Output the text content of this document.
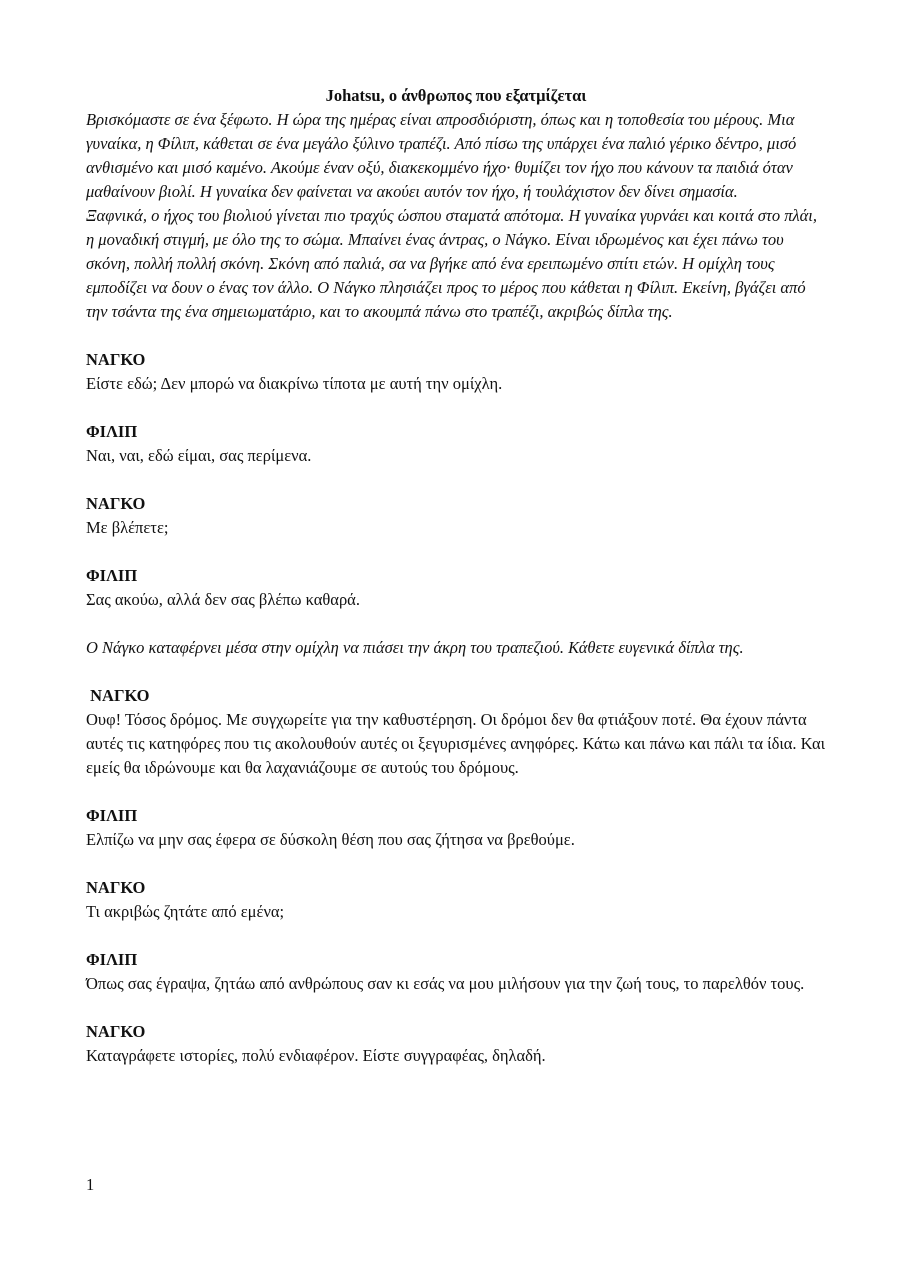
Johatsu, ο άνθρωπος που εξατμίζεται

Βρισκόμαστε σε ένα ξέφωτο. Η ώρα της ημέρας είναι απροσδιόριστη, όπως και η τοποθεσία του μέρους. Μια γυναίκα, η Φίλιπ, κάθεται σε ένα μεγάλο ξύλινο τραπέζι. Από πίσω της υπάρχει ένα παλιό γέρικο δέντρο, μισό ανθισμένο και μισό καμένο. Ακούμε έναν οξύ, διακεκομμένο ήχο· θυμίζει τον ήχο που κάνουν τα παιδιά όταν μαθαίνουν βιολί. Η γυναίκα δεν φαίνεται να ακούει αυτόν τον ήχο, ή τουλάχιστον δεν δίνει σημασία.

Ξαφνικά, ο ήχος του βιολιού γίνεται πιο τραχύς ώσπου σταματά απότομα. Η γυναίκα γυρνάει και κοιτά στο πλάι, η μοναδική στιγμή, με όλο της το σώμα. Μπαίνει ένας άντρας, ο Νάγκο. Είναι ιδρωμένος και έχει πάνω του σκόνη, πολλή πολλή σκόνη. Σκόνη από παλιά, σα να βγήκε από ένα ερειπωμένο σπίτι ετών. Η ομίχλη τους εμποδίζει να δουν ο ένας τον άλλο. Ο Νάγκο πλησιάζει προς το μέρος που κάθεται η Φίλιπ. Εκείνη, βγάζει από την τσάντα της ένα σημειωματάριο, και το ακουμπά πάνω στο τραπέζι, ακριβώς δίπλα της.

ΝΑΓΚΟ

Είστε εδώ; Δεν μπορώ να διακρίνω τίποτα με αυτή την ομίχλη.

ΦΙΛΙΠ

Ναι, ναι, εδώ είμαι, σας περίμενα.

ΝΑΓΚΟ

Με βλέπετε;

ΦΙΛΙΠ

Σας ακούω, αλλά δεν σας βλέπω καθαρά.

Ο Νάγκο καταφέρνει μέσα στην ομίχλη να πιάσει την άκρη του τραπεζιού. Κάθετε ευγενικά δίπλα της.

ΝΑΓΚΟ

Ουφ! Τόσος δρόμος. Με συγχωρείτε για την καθυστέρηση. Οι δρόμοι δεν θα φτιάξουν ποτέ. Θα έχουν πάντα αυτές τις κατηφόρες που τις ακολουθούν αυτές οι ξεγυρισμένες ανηφόρες. Κάτω και πάνω και πάλι τα ίδια. Και εμείς θα ιδρώνουμε και θα λαχανιάζουμε σε αυτούς του δρόμους.

ΦΙΛΙΠ

Ελπίζω να μην σας έφερα σε δύσκολη θέση που σας ζήτησα να βρεθούμε.

ΝΑΓΚΟ

Τι ακριβώς ζητάτε από εμένα;

ΦΙΛΙΠ

Όπως σας έγραψα, ζητάω από ανθρώπους σαν κι εσάς να μου μιλήσουν για την ζωή τους, το παρελθόν τους.

ΝΑΓΚΟ

Καταγράφετε ιστορίες, πολύ ενδιαφέρον. Είστε συγγραφέας, δηλαδή.

1
